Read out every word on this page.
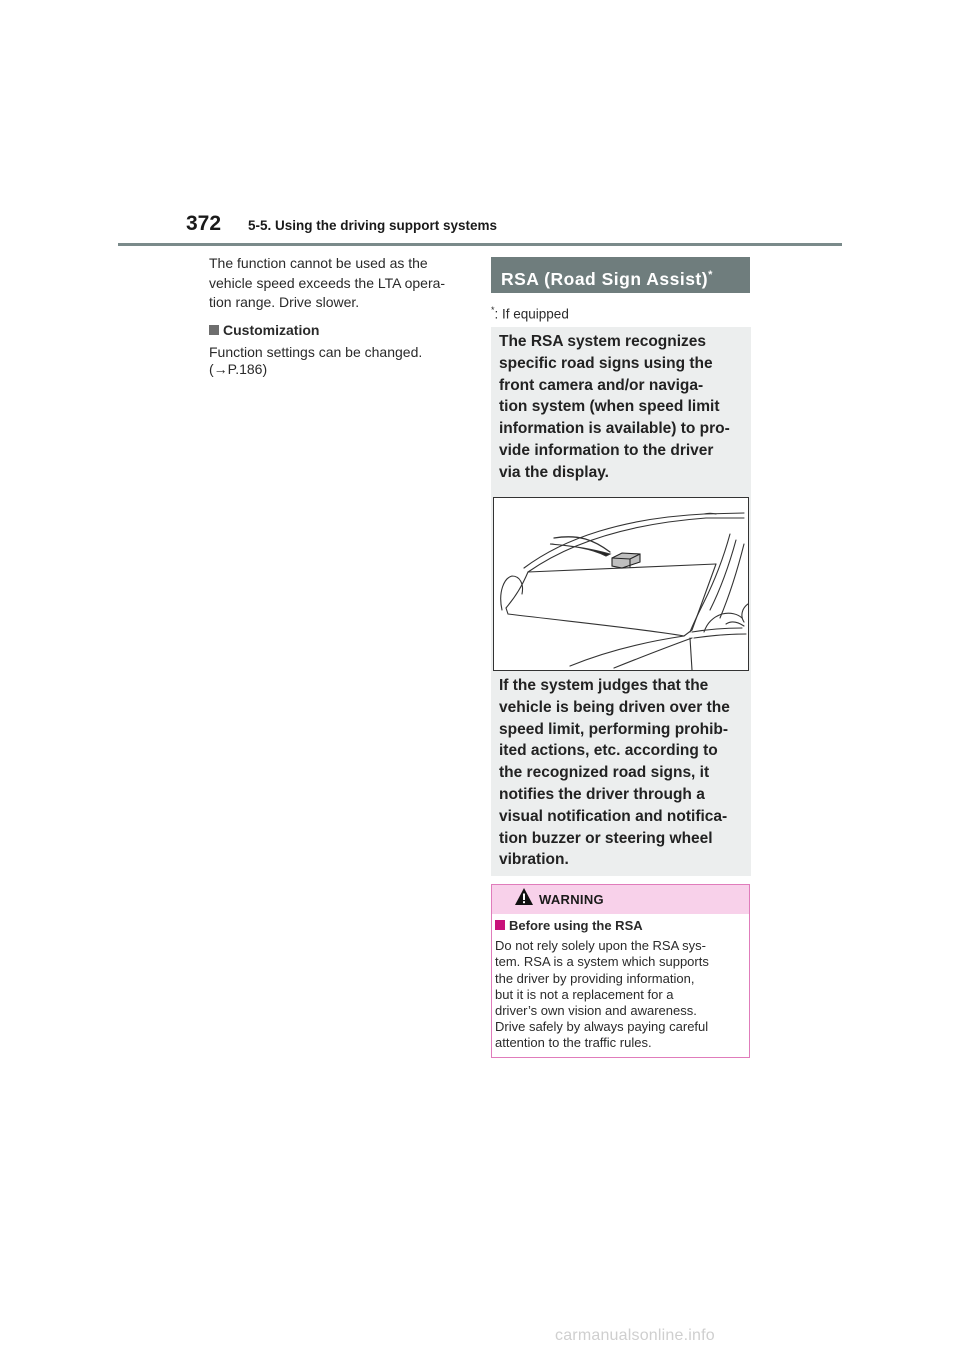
372 5-5. Using the driving support systems

The function cannot be used as the

vehicle speed exceeds the LTA opera-

tion range. Drive slower.

Customization

Function settings can be changed.

(→P.186)

RSA (Road Sign Assist)*
*: If equipped
The RSA system recognizes
specific road signs using the
front camera and/or naviga-
tion system (when speed limit
information is available) to pro-
vide information to the driver
via the display.
If the system judges that the
vehicle is being driven over the
speed limit, performing prohib-
ited actions, etc. according to
the recognized road signs, it
notifies the driver through a
visual notification and notifica-
tion buzzer or steering wheel
vibration.
WARNING

Before using the RSA

Do not rely solely upon the RSA sys-

tem. RSA is a system which supports

the driver by providing information,

but it is not a replacement for a

driver’s own vision and awareness.

Drive safely by always paying careful

attention to the traffic rules.

carmanualsonline.info
